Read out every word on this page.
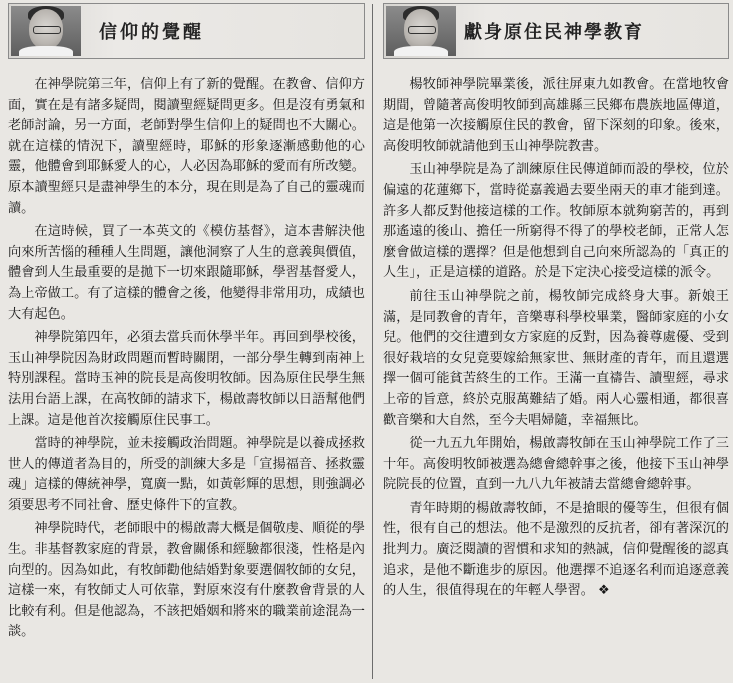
信仰的覺醒

在神學院第三年，信仰上有了新的覺醒。在教會、信仰方面，實在是有諸多疑問，閱讀聖經疑問更多。但是沒有勇氣和老師討論，另一方面，老師對學生信仰上的疑問也不大關心。就在這樣的情況下，讀聖經時，耶穌的形象逐漸感動他的心靈，他體會到耶穌愛人的心，人必因為耶穌的愛而有所改變。原本讀聖經只是盡神學生的本分，現在則是為了自己的靈魂而讀。

在這時候，買了一本英文的《模仿基督》，這本書解決他向來所苦惱的種種人生問題，讓他洞察了人生的意義與價值，體會到人生最重要的是拋下一切來跟隨耶穌，學習基督愛人，為上帝做工。有了這樣的體會之後，他變得非常用功，成績也大有起色。

神學院第四年，必須去當兵而休學半年。再回到學校後，玉山神學院因為財政問題而暫時關閉，一部分學生轉到南神上特別課程。當時玉神的院長是高俊明牧師。因為原住民學生無法用台語上課，在高牧師的請求下，楊啟壽牧師以日語幫他們上課。這是他首次接觸原住民事工。

當時的神學院，並未接觸政治問題。神學院是以養成拯救世人的傳道者為目的，所受的訓練大多是「宣揚福音、拯救靈魂」這樣的傳統神學，寬廣一點，如黃彰輝的思想，則強調必須要思考不同社會、歷史條件下的宣教。

神學院時代，老師眼中的楊啟壽大概是個敬虔、順從的學生。非基督教家庭的背景，教會關係和經驗都很淺，性格是內向型的。因為如此，有牧師勸他結婚對象要選個牧師的女兒，這樣一來，有牧師丈人可依靠，對原來沒有什麼教會背景的人比較有利。但是他認為，不該把婚姻和將來的職業前途混為一談。

獻身原住民神學教育

楊牧師神學院畢業後，派往屏東九如教會。在當地牧會期間，曾隨著高俊明牧師到高雄縣三民鄉布農族地區傳道，這是他第一次接觸原住民的教會，留下深刻的印象。後來，高俊明牧師就請他到玉山神學院教書。

玉山神學院是為了訓練原住民傳道師而設的學校，位於偏遠的花蓮鄉下，當時從嘉義過去要坐兩天的車才能到達。許多人都反對他接這樣的工作。牧師原本就夠窮苦的，再到那遙遠的後山、擔任一所窮得不得了的學校老師，正常人怎麼會做這樣的選擇？但是他想到自己向來所認為的「真正的人生」，正是這樣的道路。於是下定決心接受這樣的派令。

前往玉山神學院之前，楊牧師完成終身大事。新娘王滿，是同教會的青年，音樂專科學校畢業，醫師家庭的小女兒。他們的交往遭到女方家庭的反對，因為養尊處優、受到很好栽培的女兒竟要嫁給無家世、無財產的青年，而且還選擇一個可能貧苦終生的工作。王滿一直禱告、讀聖經，尋求上帝的旨意，終於克服萬難結了婚。兩人心靈相通，都很喜歡音樂和大自然，至今夫唱婦隨，幸福無比。

從一九五九年開始，楊啟壽牧師在玉山神學院工作了三十年。高俊明牧師被選為總會總幹事之後，他接下玉山神學院院長的位置，直到一九八九年被請去當總會總幹事。

青年時期的楊啟壽牧師，不是搶眼的優等生，但很有個性，很有自己的想法。他不是激烈的反抗者，卻有著深沉的批判力。廣泛閱讀的習慣和求知的熱誠，信仰覺醒後的認真追求，是他不斷進步的原因。他選擇不追逐名利而追逐意義的人生，很值得現在的年輕人學習。 ❖
